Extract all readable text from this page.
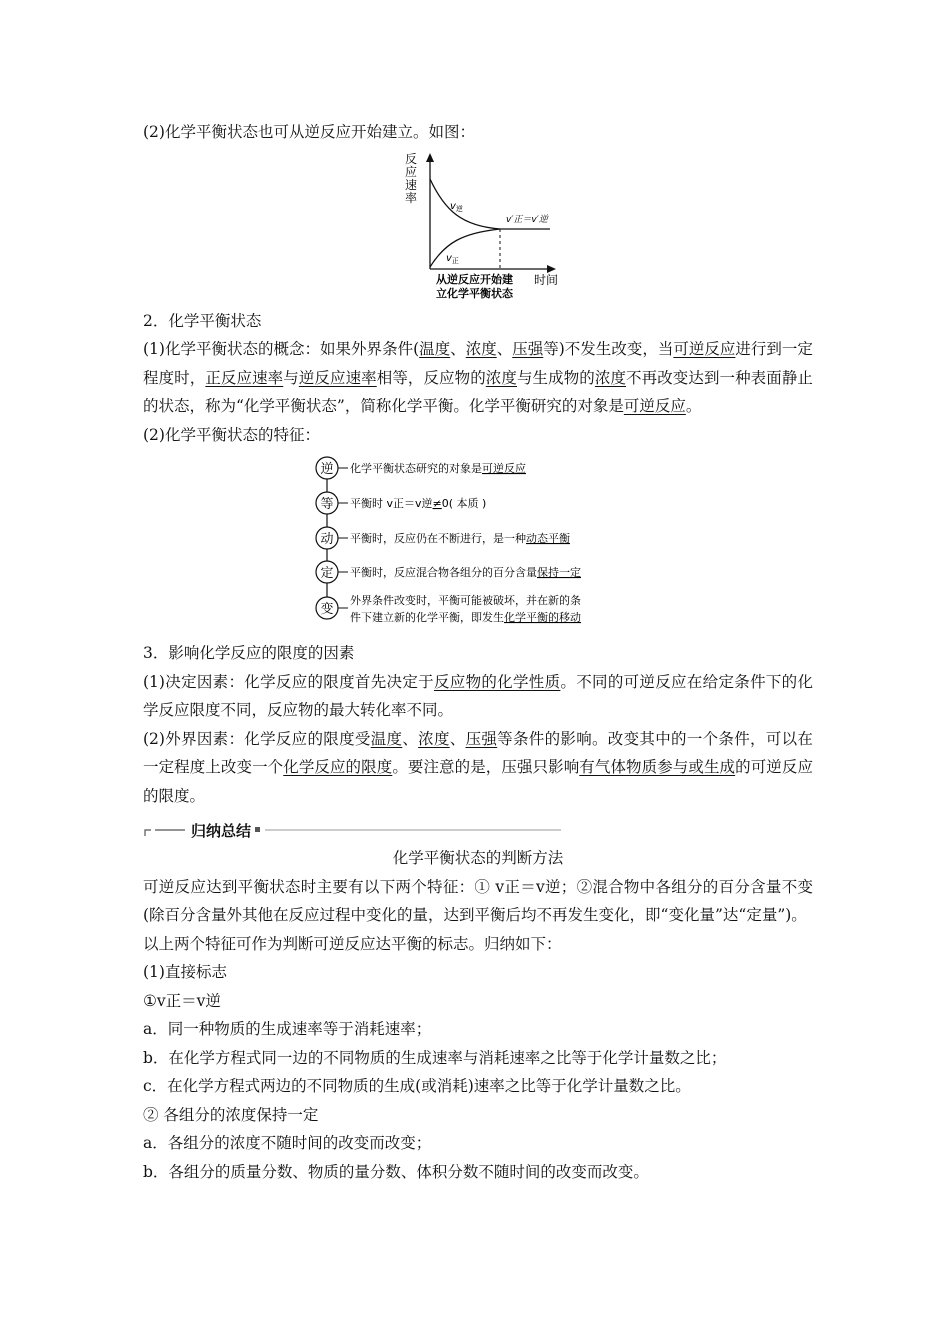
(2)化学平衡状态也可从逆反应开始建立。如图：

反
应
速
率
$v_逆$
$v_正$
v′正＝v′逆
时间
从逆反应开始建
立化学平衡状态

2．化学平衡状态

(1)化学平衡状态的概念：如果外界条件(温度、浓度、压强等)不发生改变，当可逆反应进行到一定程度时，正反应速率与逆反应速率相等，反应物的浓度与生成物的浓度不再改变达到一种表面静止的状态，称为“化学平衡状态”，简称化学平衡。化学平衡研究的对象是可逆反应。

(2)化学平衡状态的特征：

逆 化学平衡状态研究的对象是可逆反应
等 平衡时 v正＝v逆≠0( 本质 )
动 平衡时，反应仍在不断进行，是一种动态平衡
定 平衡时，反应混合物各组分的百分含量保持一定
变
外界条件改变时，平衡可能被破坏，并在新的条
件下建立新的化学平衡，即发生化学平衡的移动

3．影响化学反应的限度的因素

(1)决定因素：化学反应的限度首先决定于反应物的化学性质。不同的可逆反应在给定条件下的化学反应限度不同，反应物的最大转化率不同。

(2)外界因素：化学反应的限度受温度、浓度、压强等条件的影响。改变其中的一个条件，可以在一定程度上改变一个化学反应的限度。要注意的是，压强只影响有气体物质参与或生成的可逆反应的限度。

归纳总结

化学平衡状态的判断方法

可逆反应达到平衡状态时主要有以下两个特征：① v正＝v逆；②混合物中各组分的百分含量不变(除百分含量外其他在反应过程中变化的量，达到平衡后均不再发生变化，即“变化量”达“定量”)。

以上两个特征可作为判断可逆反应达平衡的标志。归纳如下：

(1)直接标志

①v正＝v逆

a．同一种物质的生成速率等于消耗速率；

b．在化学方程式同一边的不同物质的生成速率与消耗速率之比等于化学计量数之比；

c．在化学方程式两边的不同物质的生成(或消耗)速率之比等于化学计量数之比。

② 各组分的浓度保持一定

a．各组分的浓度不随时间的改变而改变；

b．各组分的质量分数、物质的量分数、体积分数不随时间的改变而改变。
